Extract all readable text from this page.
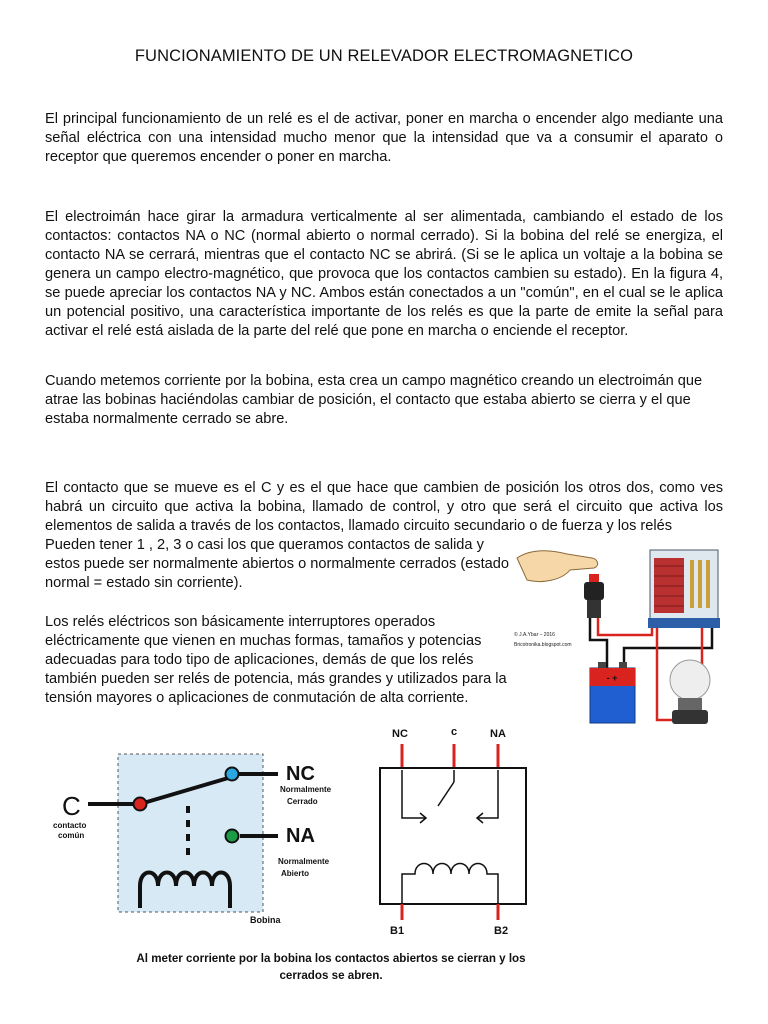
FUNCIONAMIENTO DE UN RELEVADOR ELECTROMAGNETICO

El principal funcionamiento de un relé es el de activar, poner en marcha o encender algo mediante una señal eléctrica con una intensidad mucho menor que la intensidad que va a consumir el aparato o receptor que queremos encender o poner en marcha.

El electroimán hace girar la armadura verticalmente al ser alimentada, cambiando el estado de los contactos: contactos NA o NC (normal abierto o normal cerrado). Si la bobina del relé se energiza, el contacto NA se cerrará, mientras que el contacto NC se abrirá. (Si se le aplica un voltaje a la bobina se genera un campo electro-magnético, que provoca que los contactos cambien su estado). En la figura 4, se puede apreciar los contactos NA y NC. Ambos están conectados a un "común", en el cual se le aplica un potencial positivo, una característica importante de los relés es que la parte de emite la señal para activar el relé está aislada de la parte del relé que pone en marcha o enciende el receptor.

Cuando metemos corriente por la bobina, esta crea un campo magnético creando un electroimán que atrae las bobinas haciéndolas cambiar de posición, el contacto que estaba abierto se cierra y el que estaba normalmente cerrado se abre.

El contacto que se mueve es el C y es el que hace que cambien de posición los otros dos, como ves habrá un circuito que activa la bobina, llamado de control, y otro que será el circuito que activa los elementos de salida a través de los contactos, llamado circuito secundario o de fuerza y los relés

Pueden tener 1 , 2, 3 o casi los que queramos contactos de salida y estos puede ser normalmente abiertos o normalmente cerrados (estado normal = estado sin corriente).

Los relés eléctricos son básicamente interruptores operados eléctricamente que vienen en muchas formas, tamaños y potencias adecuadas para todo tipo de aplicaciones, demás de que los relés también pueden ser relés de potencia, más grandes y utilizados para la tensión mayores o aplicaciones de conmutación de alta corriente.

- +
© J.A.Ybar – 2016
Bricotronika.blogspot.com
C
contacto
común
NC
Normalmente
Cerrado
NA
Normalmente
Abierto
Bobina
NC	c	NA
B1	B2
Al meter corriente por la bobina los contactos abiertos se cierran y los
cerrados se abren.
